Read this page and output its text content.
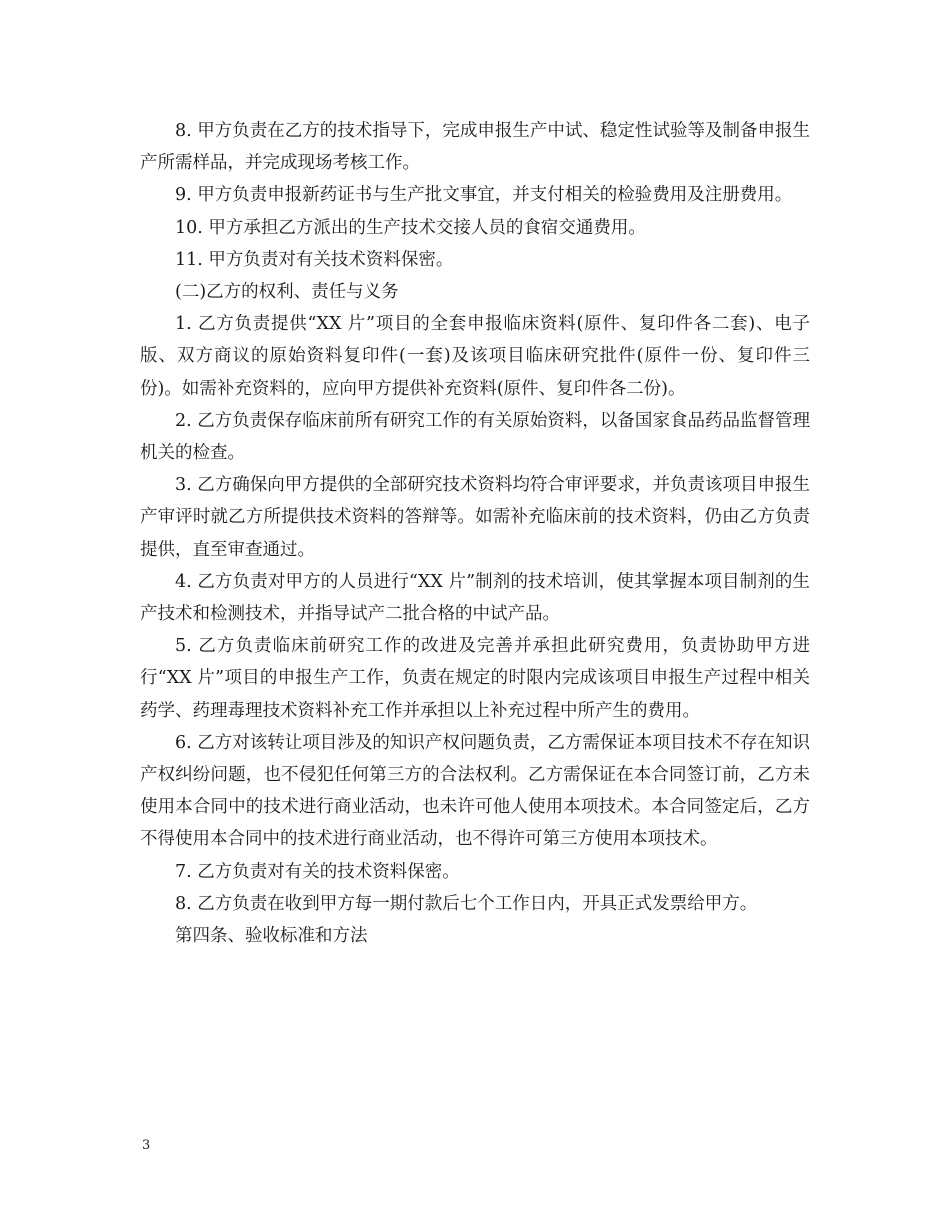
8. 甲方负责在乙方的技术指导下，完成申报生产中试、稳定性试验等及制备申报生产所需样品，并完成现场考核工作。

9. 甲方负责申报新药证书与生产批文事宜，并支付相关的检验费用及注册费用。

10. 甲方承担乙方派出的生产技术交接人员的食宿交通费用。

11. 甲方负责对有关技术资料保密。

(二)乙方的权利、责任与义务

1. 乙方负责提供“XX 片”项目的全套申报临床资料(原件、复印件各二套)、电子版、双方商议的原始资料复印件(一套)及该项目临床研究批件(原件一份、复印件三份)。如需补充资料的，应向甲方提供补充资料(原件、复印件各二份)。

2. 乙方负责保存临床前所有研究工作的有关原始资料，以备国家食品药品监督管理机关的检查。

3. 乙方确保向甲方提供的全部研究技术资料均符合审评要求，并负责该项目申报生产审评时就乙方所提供技术资料的答辩等。如需补充临床前的技术资料，仍由乙方负责提供，直至审查通过。

4. 乙方负责对甲方的人员进行“XX 片”制剂的技术培训，使其掌握本项目制剂的生产技术和检测技术，并指导试产二批合格的中试产品。

5. 乙方负责临床前研究工作的改进及完善并承担此研究费用，负责协助甲方进行“XX 片”项目的申报生产工作，负责在规定的时限内完成该项目申报生产过程中相关药学、药理毒理技术资料补充工作并承担以上补充过程中所产生的费用。

6. 乙方对该转让项目涉及的知识产权问题负责，乙方需保证本项目技术不存在知识产权纠纷问题，也不侵犯任何第三方的合法权利。乙方需保证在本合同签订前，乙方未使用本合同中的技术进行商业活动，也未许可他人使用本项技术。本合同签定后，乙方不得使用本合同中的技术进行商业活动，也不得许可第三方使用本项技术。

7. 乙方负责对有关的技术资料保密。

8. 乙方负责在收到甲方每一期付款后七个工作日内，开具正式发票给甲方。

第四条、验收标准和方法

3
